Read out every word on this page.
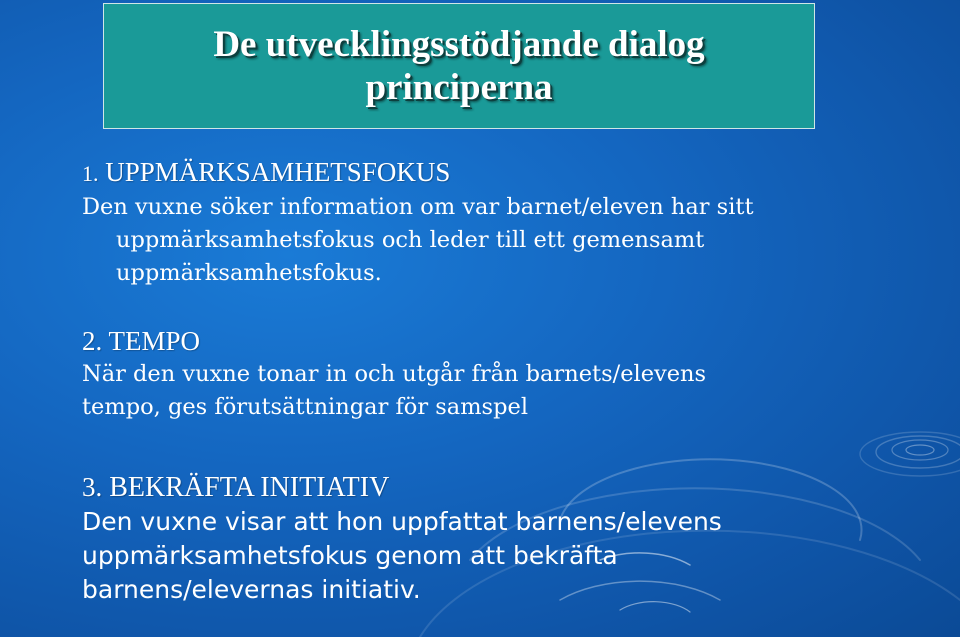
De utvecklingsstödjande dialog
principerna
1. UPPMÄRKSAMHETSFOKUS
Den vuxne söker information om var barnet/eleven har sitt
uppmärksamhetsfokus och leder till ett gemensamt
uppmärksamhetsfokus.
2. TEMPO
När den vuxne tonar in och utgår från barnets/elevens
tempo, ges förutsättningar för samspel
3. BEKRÄFTA INITIATIV
Den vuxne visar att hon uppfattat barnens/elevens
uppmärksamhetsfokus genom att bekräfta
barnens/elevernas initiativ.
